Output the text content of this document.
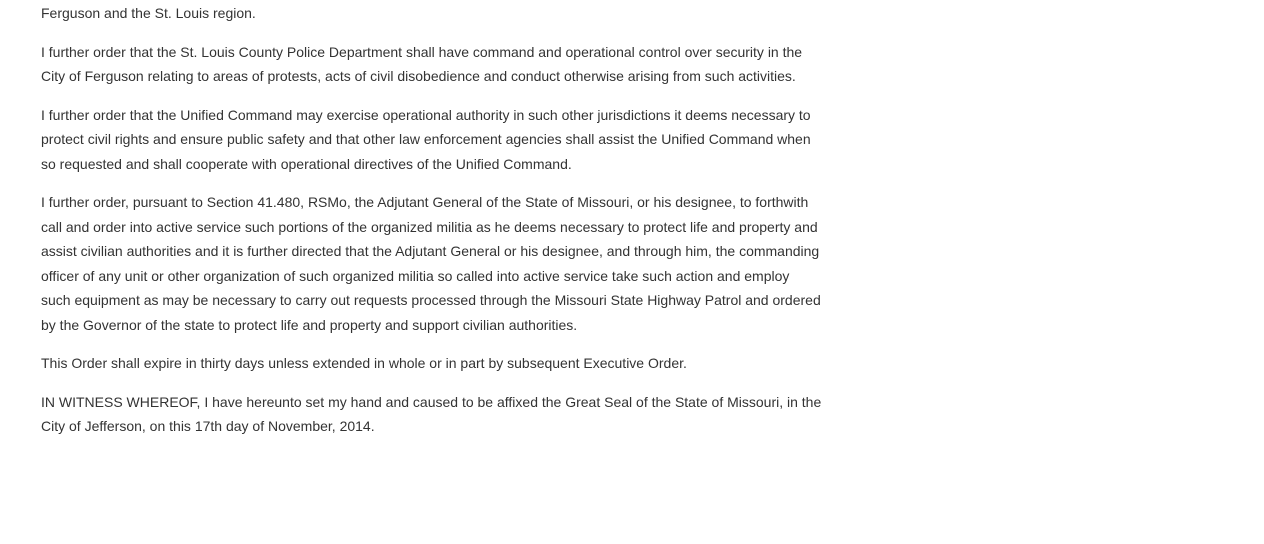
Ferguson and the St. Louis region.

I further order that the St. Louis County Police Department shall have command and operational control over security in the
City of Ferguson relating to areas of protests, acts of civil disobedience and conduct otherwise arising from such activities.

I further order that the Unified Command may exercise operational authority in such other jurisdictions it deems necessary to
protect civil rights and ensure public safety and that other law enforcement agencies shall assist the Unified Command when
so requested and shall cooperate with operational directives of the Unified Command.

I further order, pursuant to Section 41.480, RSMo, the Adjutant General of the State of Missouri, or his designee, to forthwith
call and order into active service such portions of the organized militia as he deems necessary to protect life and property and
assist civilian authorities and it is further directed that the Adjutant General or his designee, and through him, the commanding
officer of any unit or other organization of such organized militia so called into active service take such action and employ
such equipment as may be necessary to carry out requests processed through the Missouri State Highway Patrol and ordered
by the Governor of the state to protect life and property and support civilian authorities.

This Order shall expire in thirty days unless extended in whole or in part by subsequent Executive Order.

IN WITNESS WHEREOF, I have hereunto set my hand and caused to be affixed the Great Seal of the State of Missouri, in the
City of Jefferson, on this 17th day of November, 2014.
